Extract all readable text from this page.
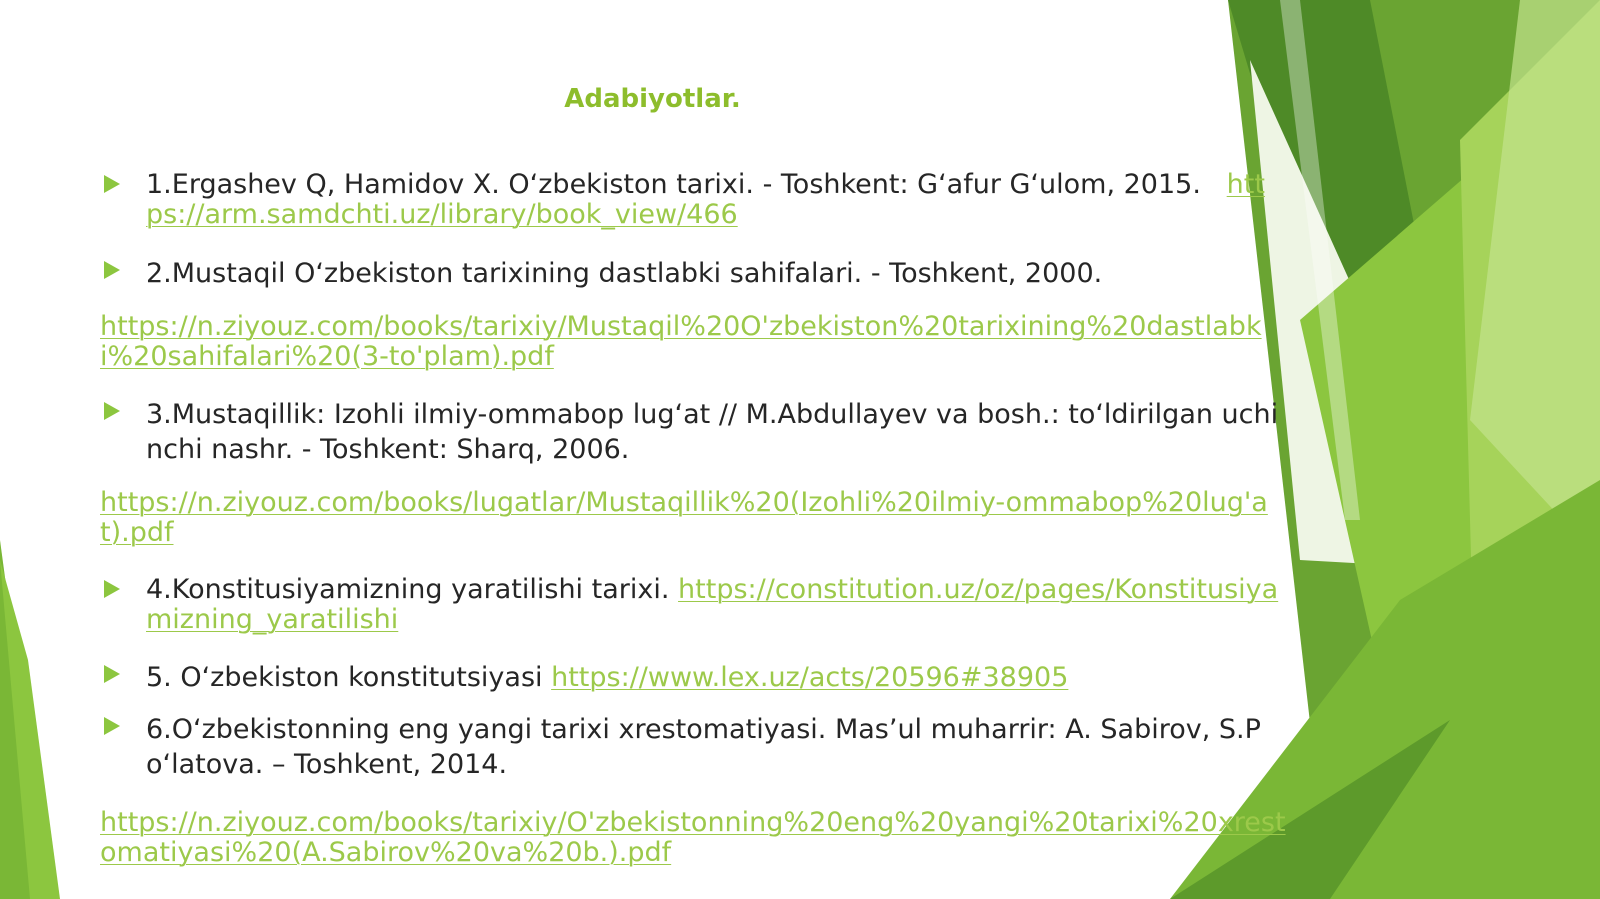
Adabiyotlar.
1.Ergashev Q, Hamidov X. O‘zbekiston tarixi. - Toshkent: G‘afur G‘ulom, 2015. https://arm.samdchti.uz/library/book_view/466
2.Mustaqil O‘zbekiston tarixining dastlabki sahifalari. - Toshkent, 2000.
https://n.ziyouz.com/books/tarixiy/Mustaqil%20O'zbekiston%20tarixining%20dastlabki%20sahifalari%20(3-to'plam).pdf
3.Mustaqillik: Izohli ilmiy-ommabop lug‘at // M.Abdullayev va bosh.: to‘ldirilgan uchinchi nashr. - Toshkent: Sharq, 2006.
https://n.ziyouz.com/books/lugatlar/Mustaqillik%20(Izohli%20ilmiy-ommabop%20lug'at).pdf
4.Konstitusiyamizning yaratilishi tarixi. https://constitution.uz/oz/pages/Konstitusiyamizning_yaratilishi
5. O‘zbekiston konstitutsiyasi https://www.lex.uz/acts/20596#38905
6.O‘zbekistonning eng yangi tarixi xrestomatiyasi. Mas’ul muharrir: A. Sabirov, S.Po‘latova. – Toshkent, 2014.
https://n.ziyouz.com/books/tarixiy/O'zbekistonning%20eng%20yangi%20tarixi%20xrestomatiyasi%20(A.Sabirov%20va%20b.).pdf
